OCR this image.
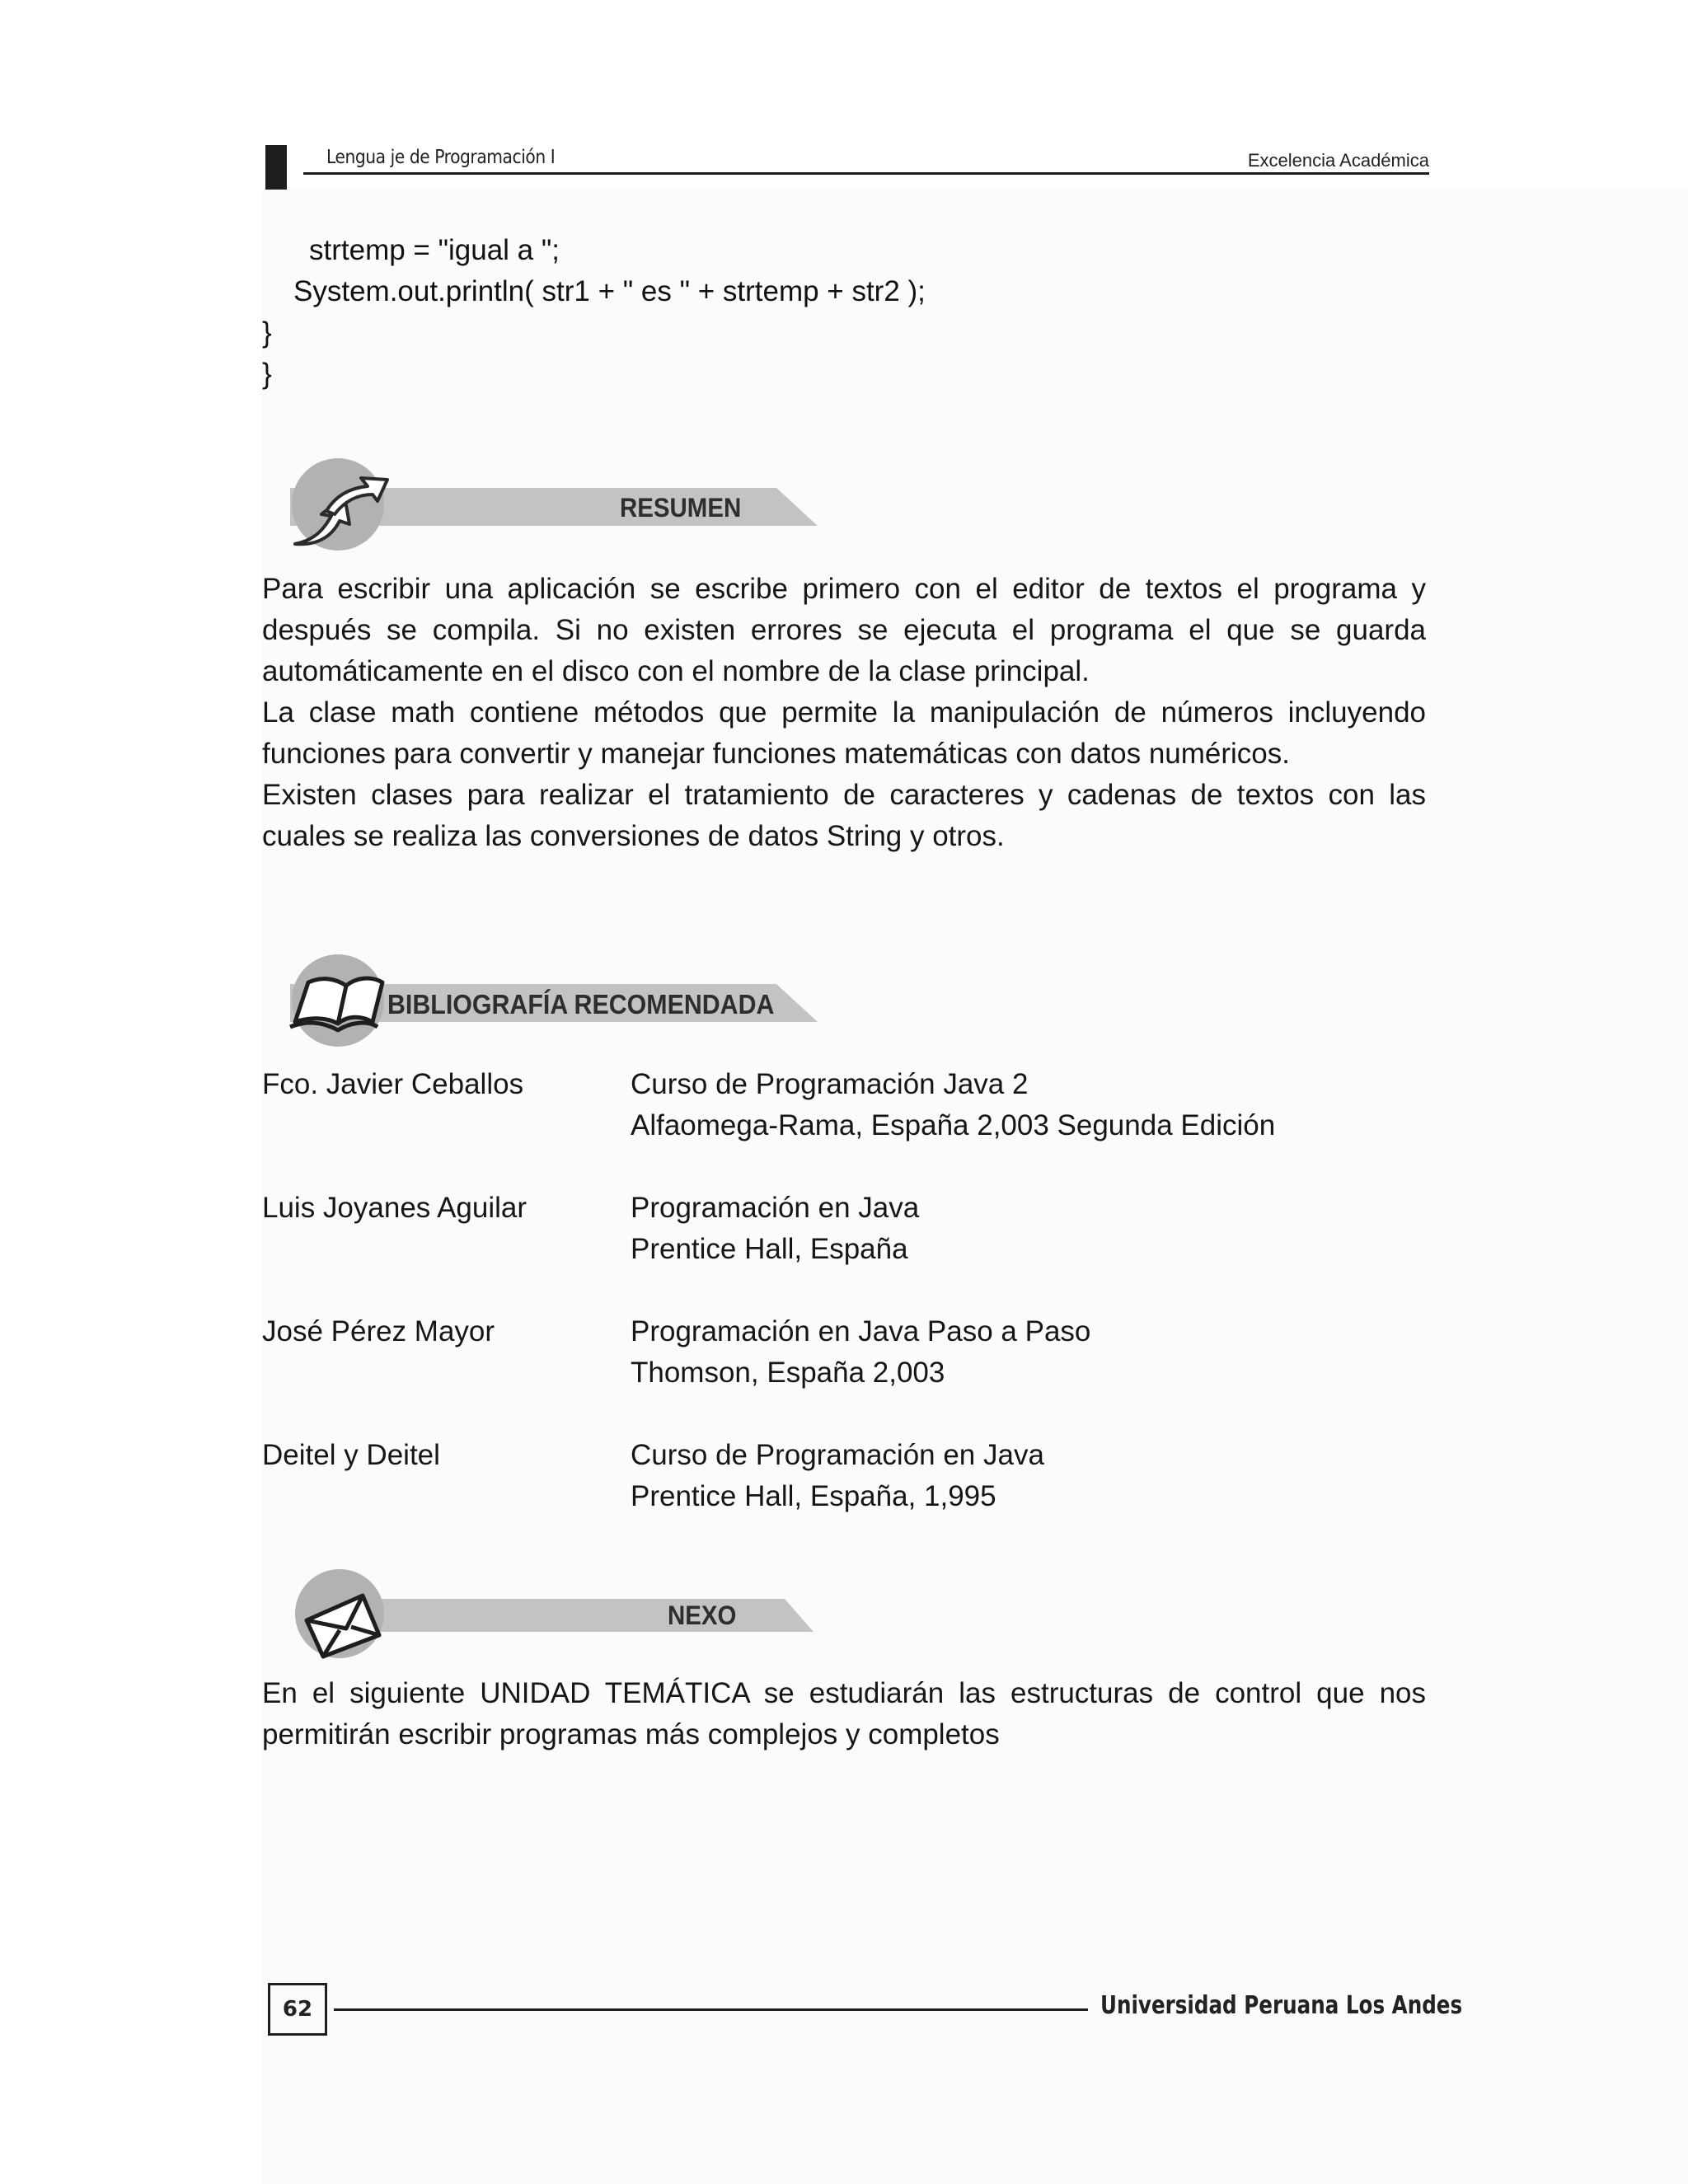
Lengua je de Programación I	Excelencia Académica
strtemp = "igual a ";
System.out.println( str1 + " es " + strtemp + str2 );
}
}
RESUMEN

Para escribir una aplicación se escribe primero con el editor de textos el programa y después se compila. Si no existen errores se ejecuta el programa el que se guarda automáticamente en el disco con el nombre de la clase principal.

La clase math contiene métodos que permite la manipulación de números incluyendo funciones para convertir y manejar funciones matemáticas con datos numéricos.

Existen clases para realizar el tratamiento de caracteres y cadenas de textos con las cuales se realiza las conversiones de datos String y otros.

BIBLIOGRAFÍA RECOMENDADA
Fco. Javier Ceballos	Curso de Programación Java 2
Alfaomega-Rama, España 2,003 Segunda Edición
Luis Joyanes Aguilar	Programación en Java
Prentice Hall, España
José Pérez Mayor	Programación en Java Paso a Paso
Thomson, España 2,003
Deitel y Deitel	Curso de Programación en Java
Prentice Hall, España, 1,995
NEXO

En el siguiente UNIDAD TEMÁTICA se estudiarán las estructuras de control que nos permitirán escribir programas más complejos y completos

62	Universidad Peruana Los Andes
